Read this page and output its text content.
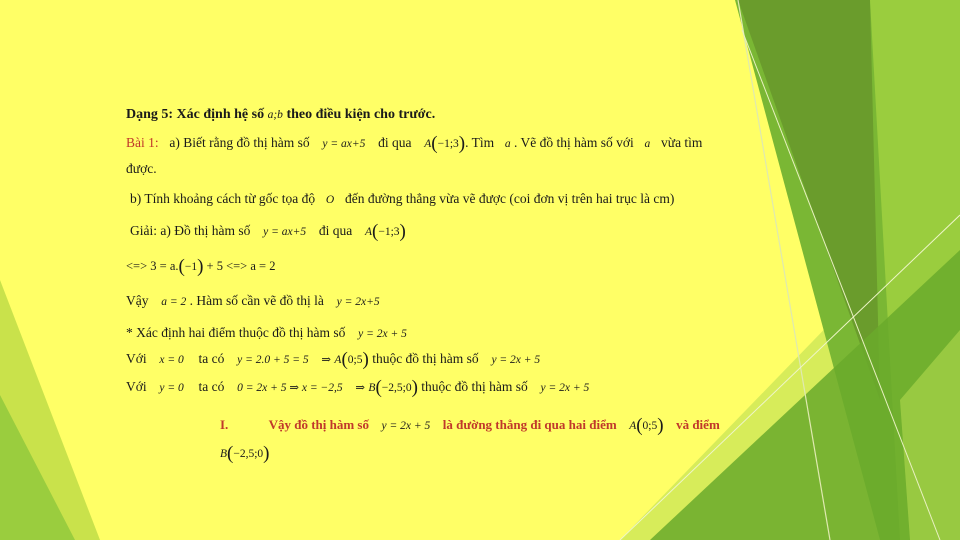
Dạng 5: Xác định hệ số a;b theo điều kiện cho trước.
Bài 1: a) Biết rằng đồ thị hàm số y = ax+5 đi qua A(−1;3). Tìm a . Vẽ đồ thị hàm số với a vừa tìm
được.
b) Tính khoảng cách từ gốc tọa độ O đến đường thẳng vừa vẽ được (coi đơn vị trên hai trục là cm)
Giải: a) Đồ thị hàm số y = ax+5 đi qua A(−1;3)
<=> 3 = a.(−1) + 5 <=> a = 2
Vậy a = 2 . Hàm số cần vẽ đồ thị là y = 2x+5
* Xác định hai điểm thuộc đồ thị hàm số y = 2x + 5
Với x = 0 ta có y = 2.0 + 5 = 5 ⇒ A(0;5) thuộc đồ thị hàm số y = 2x + 5
Với y = 0 ta có 0 = 2x + 5 ⇒ x = −2,5 ⇒ B(−2,5;0) thuộc đồ thị hàm số y = 2x + 5
I.	Vậy đồ thị hàm số y = 2x + 5 là đường thẳng đi qua hai điểm A(0;5) và điểm
B(−2,5;0)
